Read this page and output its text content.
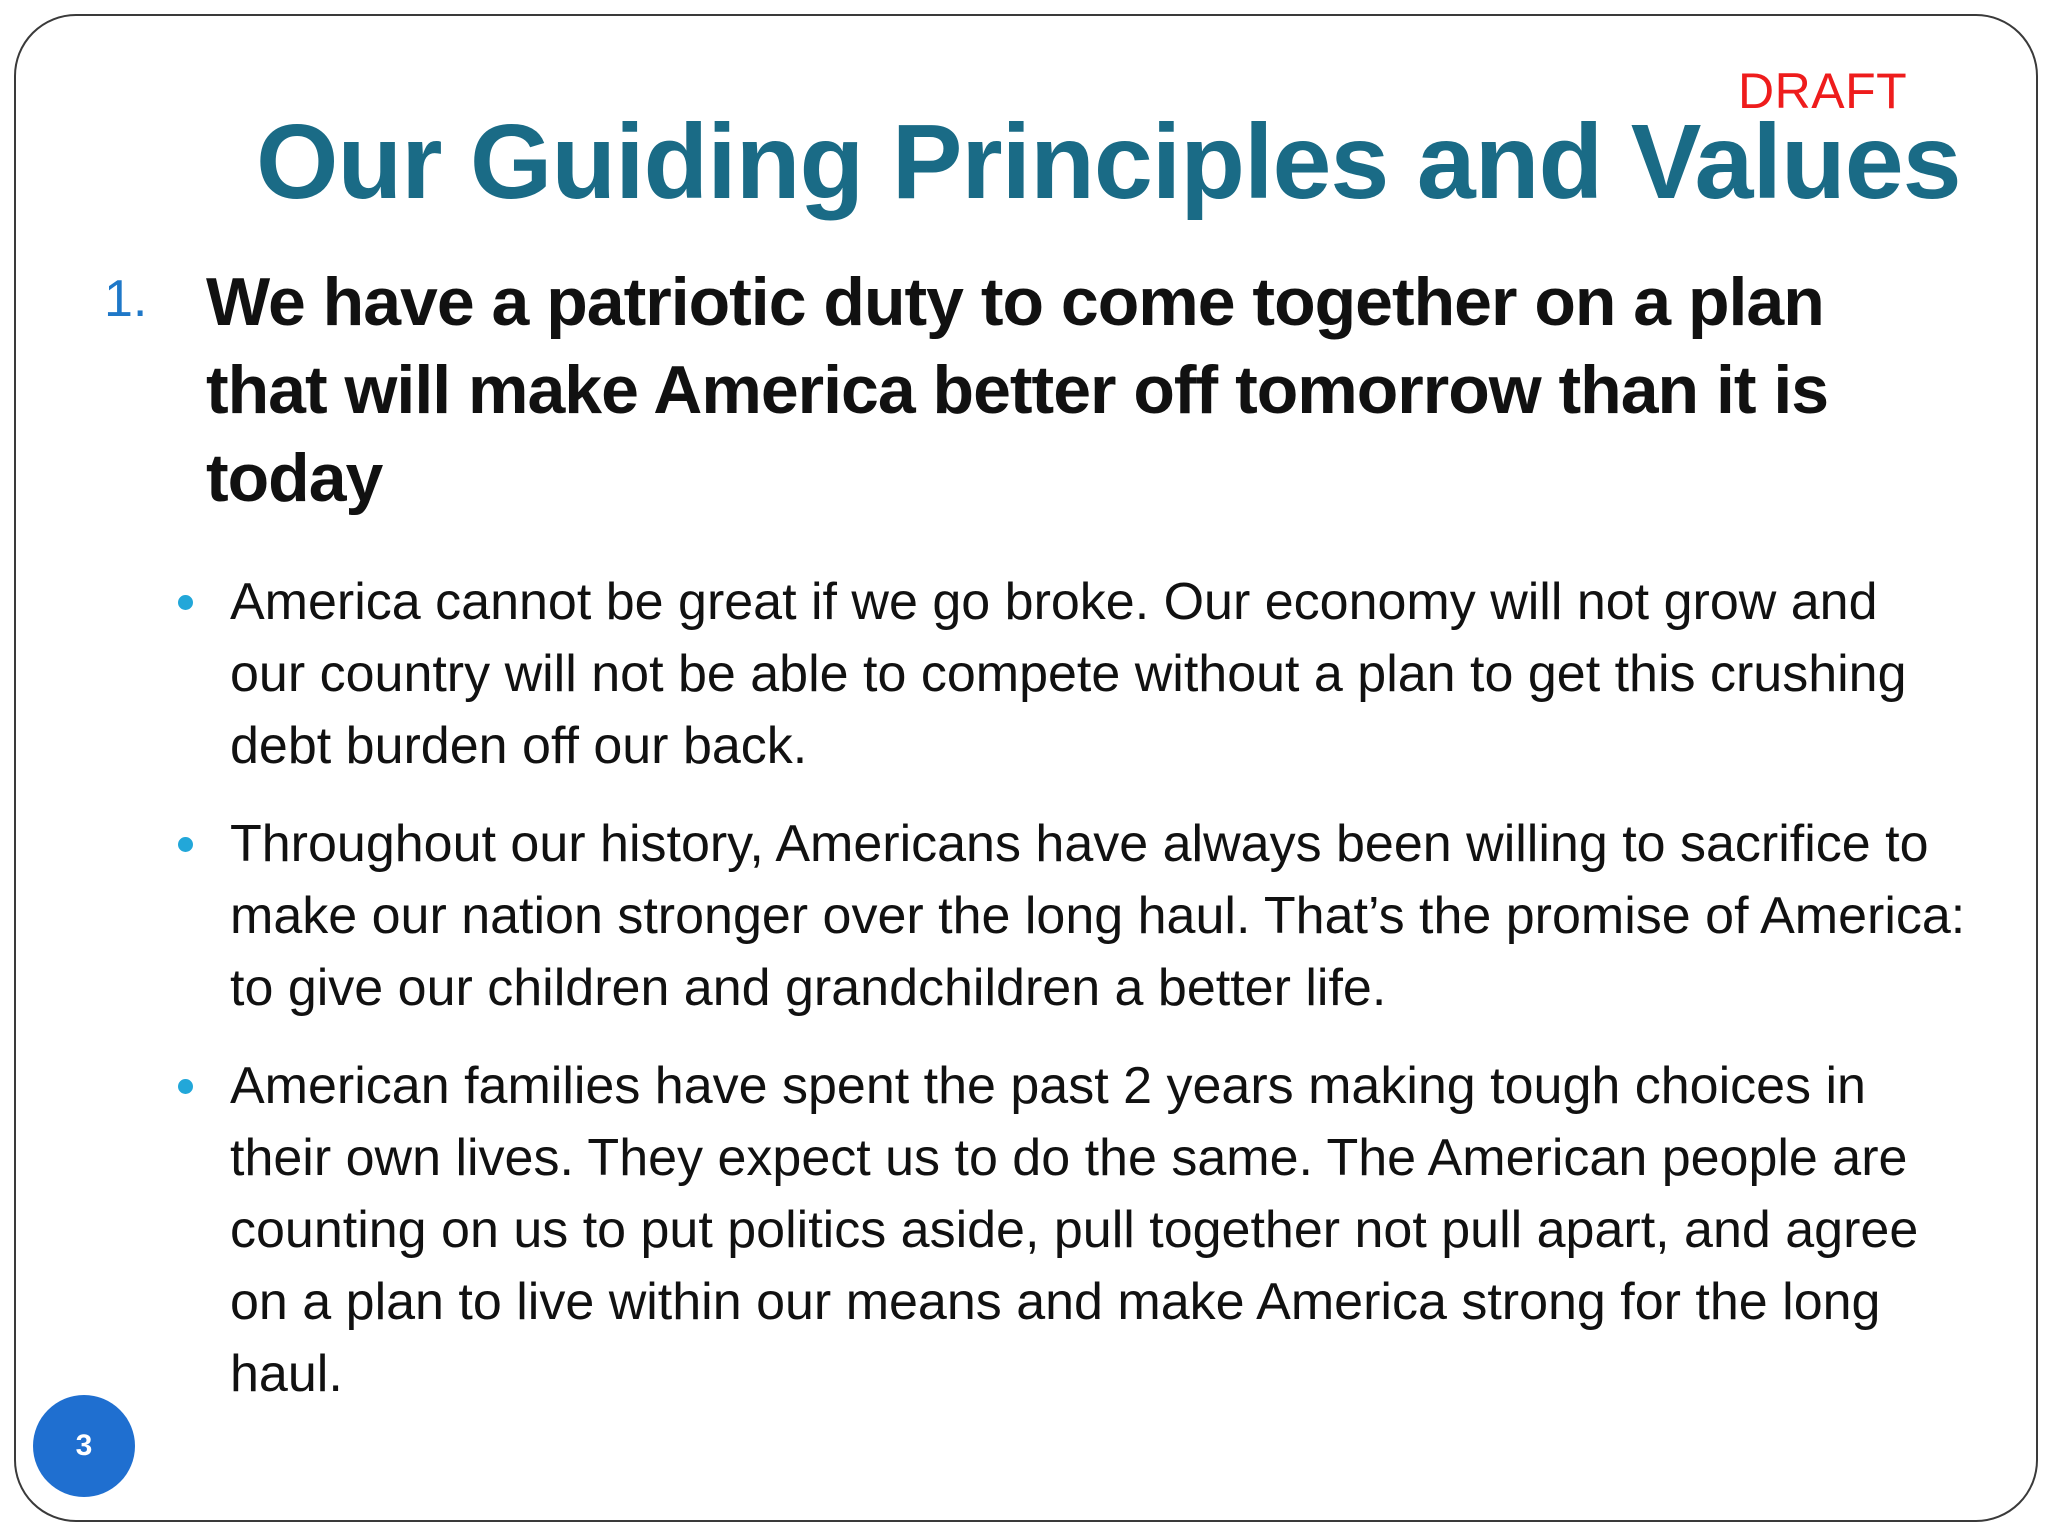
DRAFT
Our Guiding Principles and Values
1. We have a patriotic duty to come together on a plan that will make America better off tomorrow than it is today

America cannot be great if we go broke. Our economy will not grow and our country will not be able to compete without a plan to get this crushing debt burden off our back.
Throughout our history, Americans have always been willing to sacrifice to make our nation stronger over the long haul. That’s the promise of America: to give our children and grandchildren a better life.
American families have spent the past 2 years making tough choices in their own lives. They expect us to do the same. The American people are counting on us to put politics aside, pull together not pull apart, and agree on a plan to live within our means and make America strong for the long haul.
3
